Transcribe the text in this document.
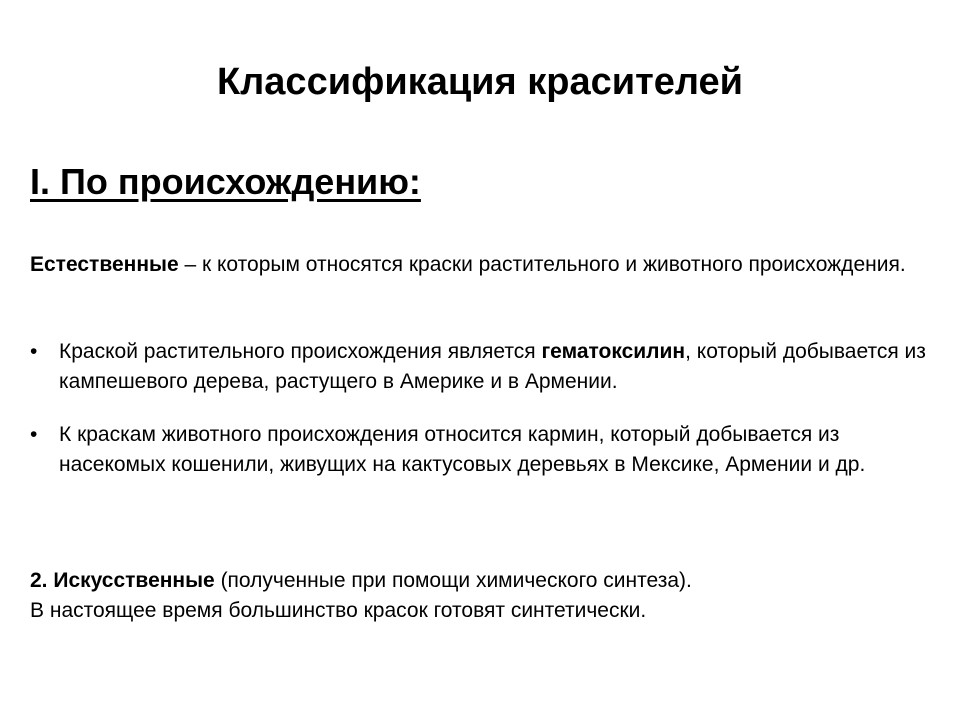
Классификация красителей
I. По происхождению:
Естественные – к которым относятся краски растительного и животного происхождения.
•	Краской растительного происхождения является гематоксилин, который добывается из кампешевого дерева, растущего в Америке и в Армении.
•	К краскам животного происхождения относится кармин, который добывается из насекомых кошенили, живущих на кактусовых деревьях в Мексике, Армении и др.
2. Искусственные (полученные при помощи химического синтеза).
В настоящее время большинство красок готовят синтетически.
